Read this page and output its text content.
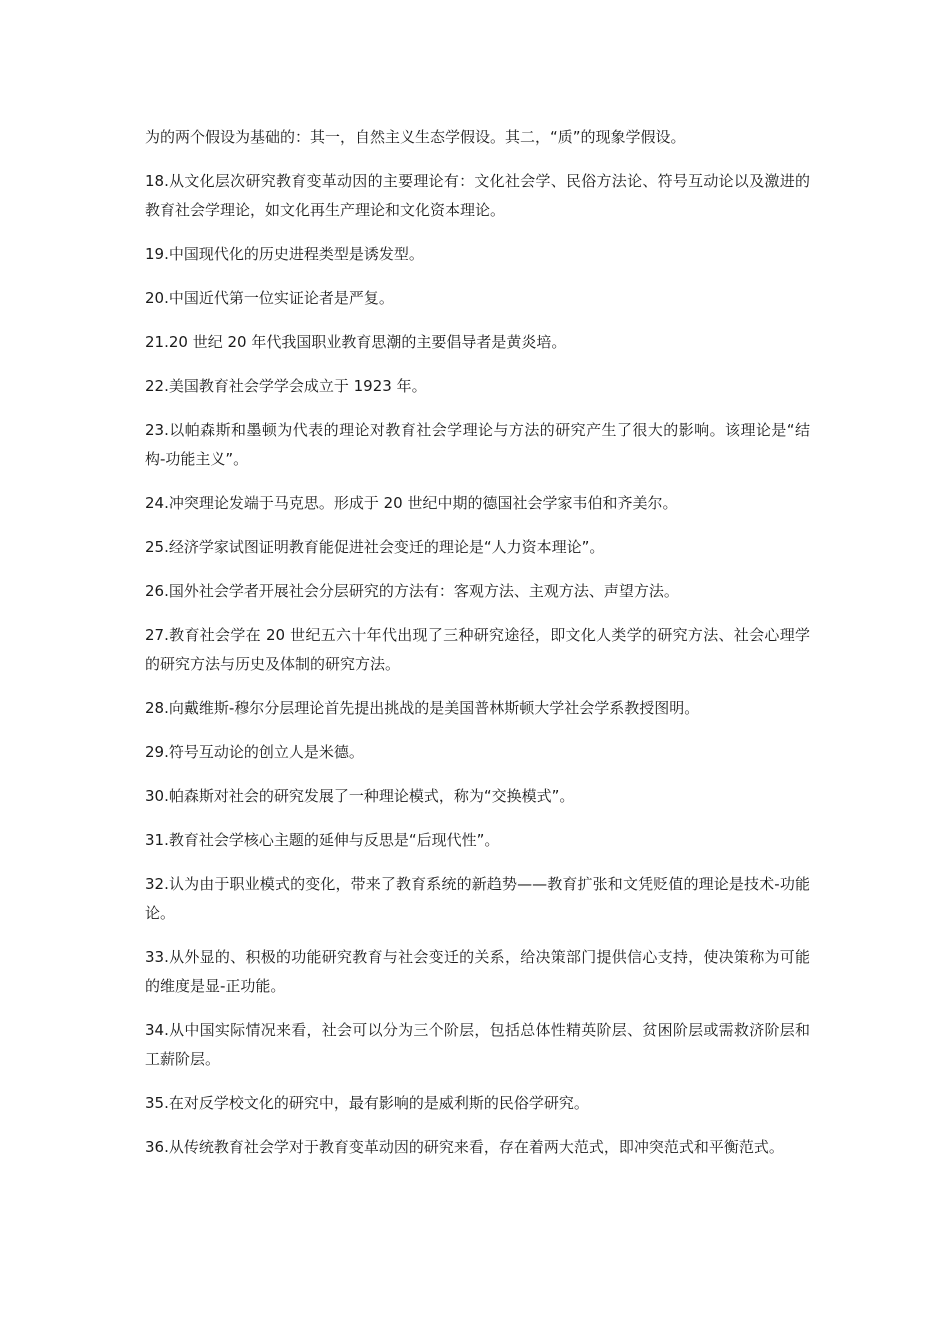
为的两个假设为基础的：其一，自然主义生态学假设。其二，“质”的现象学假设。

18.从文化层次研究教育变革动因的主要理论有：文化社会学、民俗方法论、符号互动论以及激进的教育社会学理论，如文化再生产理论和文化资本理论。

19.中国现代化的历史进程类型是诱发型。

20.中国近代第一位实证论者是严复。

21.20 世纪 20 年代我国职业教育思潮的主要倡导者是黄炎培。

22.美国教育社会学学会成立于 1923 年。

23.以帕森斯和墨顿为代表的理论对教育社会学理论与方法的研究产生了很大的影响。该理论是“结构-功能主义”。

24.冲突理论发端于马克思。形成于 20 世纪中期的德国社会学家韦伯和齐美尔。

25.经济学家试图证明教育能促进社会变迁的理论是“人力资本理论”。

26.国外社会学者开展社会分层研究的方法有：客观方法、主观方法、声望方法。

27.教育社会学在 20 世纪五六十年代出现了三种研究途径，即文化人类学的研究方法、社会心理学的研究方法与历史及体制的研究方法。

28.向戴维斯-穆尔分层理论首先提出挑战的是美国普林斯顿大学社会学系教授图明。

29.符号互动论的创立人是米德。

30.帕森斯对社会的研究发展了一种理论模式，称为“交换模式”。

31.教育社会学核心主题的延伸与反思是“后现代性”。

32.认为由于职业模式的变化，带来了教育系统的新趋势——教育扩张和文凭贬值的理论是技术-功能论。

33.从外显的、积极的功能研究教育与社会变迁的关系，给决策部门提供信心支持，使决策称为可能的维度是显-正功能。

34.从中国实际情况来看，社会可以分为三个阶层，包括总体性精英阶层、贫困阶层或需救济阶层和工薪阶层。

35.在对反学校文化的研究中，最有影响的是威利斯的民俗学研究。

36.从传统教育社会学对于教育变革动因的研究来看，存在着两大范式，即冲突范式和平衡范式。
